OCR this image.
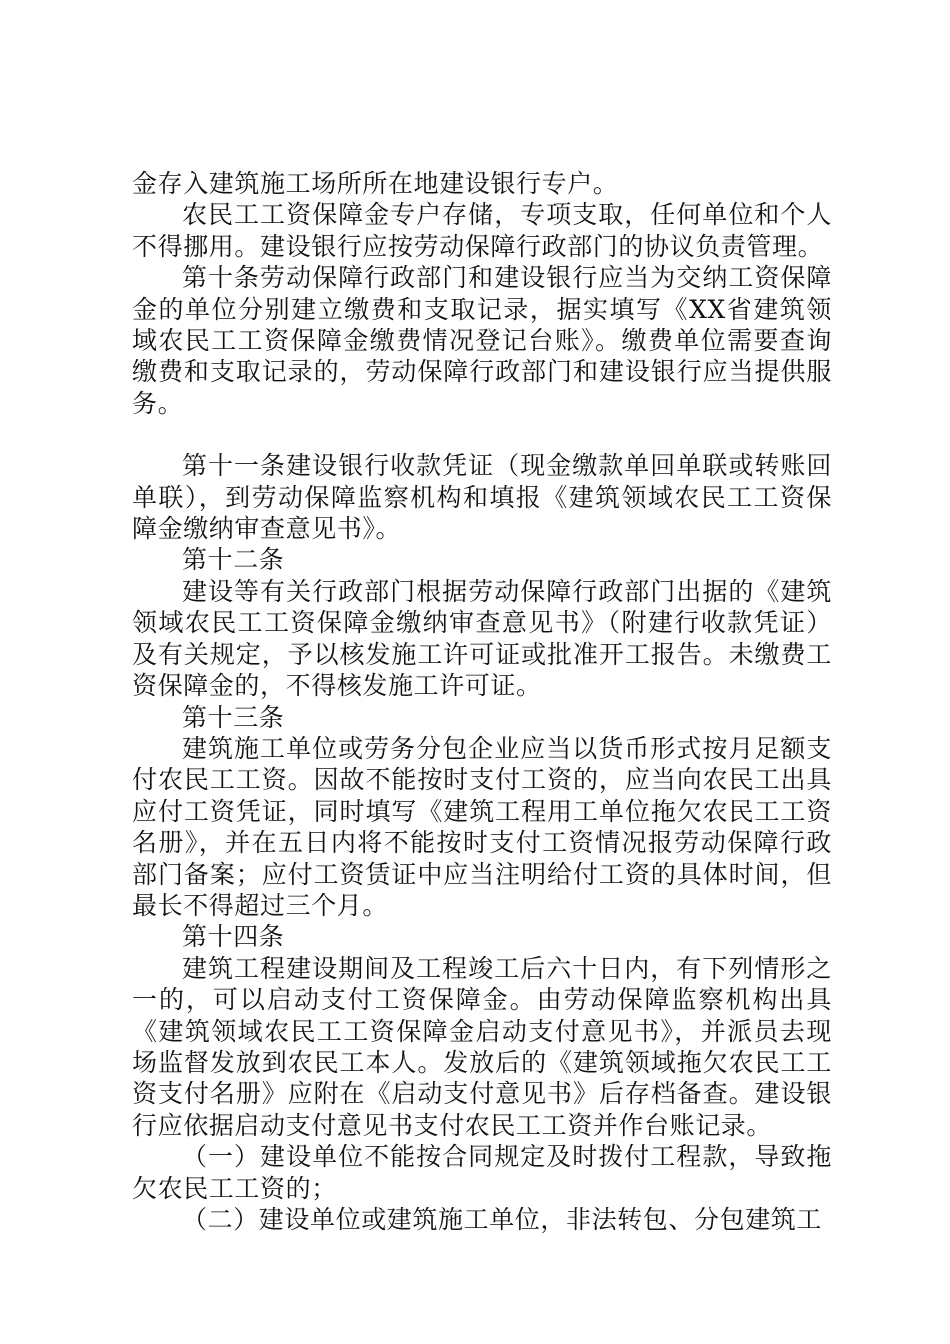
金存入建筑施工场所所在地建设银行专户。

农民工工资保障金专户存储，专项支取，任何单位和个人不得挪用。建设银行应按劳动保障行政部门的协议负责管理。

第十条劳动保障行政部门和建设银行应当为交纳工资保障金的单位分别建立缴费和支取记录，据实填写《XX省建筑领域农民工工资保障金缴费情况登记台账》。缴费单位需要查询缴费和支取记录的，劳动保障行政部门和建设银行应当提供服务。

第十一条建设银行收款凭证（现金缴款单回单联或转账回单联），到劳动保障监察机构和填报《建筑领域农民工工资保障金缴纳审查意见书》。

第十二条

建设等有关行政部门根据劳动保障行政部门出据的《建筑领域农民工工资保障金缴纳审查意见书》（附建行收款凭证）及有关规定，予以核发施工许可证或批准开工报告。未缴费工资保障金的，不得核发施工许可证。

第十三条

建筑施工单位或劳务分包企业应当以货币形式按月足额支付农民工工资。因故不能按时支付工资的，应当向农民工出具应付工资凭证，同时填写《建筑工程用工单位拖欠农民工工资名册》，并在五日内将不能按时支付工资情况报劳动保障行政部门备案；应付工资赁证中应当注明给付工资的具体时间，但最长不得超过三个月。

第十四条

建筑工程建设期间及工程竣工后六十日内，有下列情形之一的，可以启动支付工资保障金。由劳动保障监察机构出具《建筑领域农民工工资保障金启动支付意见书》，并派员去现场监督发放到农民工本人。发放后的《建筑领域拖欠农民工工资支付名册》应附在《启动支付意见书》后存档备查。建设银行应依据启动支付意见书支付农民工工资并作台账记录。

（一）建设单位不能按合同规定及时拨付工程款，导致拖欠农民工工资的；

（二）建设单位或建筑施工单位，非法转包、分包建筑工
